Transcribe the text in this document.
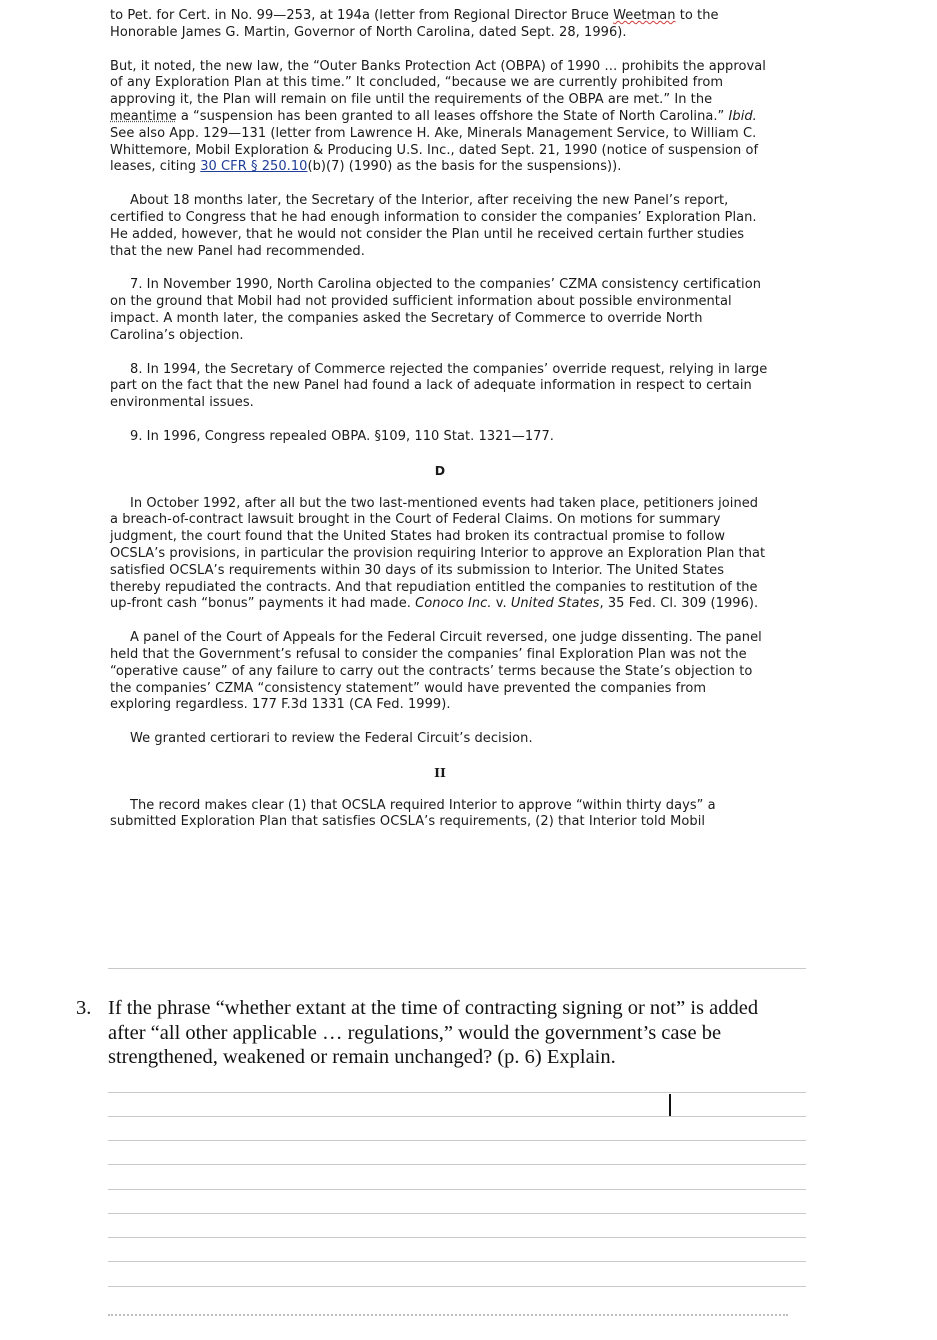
to Pet. for Cert. in No. 99—253, at 194a (letter from Regional Director Bruce Weetman to the Honorable James G. Martin, Governor of North Carolina, dated Sept. 28, 1996).

But, it noted, the new law, the “Outer Banks Protection Act (OBPA) of 1990 … prohibits the approval of any Exploration Plan at this time.” It concluded, “because we are currently prohibited from approving it, the Plan will remain on file until the requirements of the OBPA are met.” In the meantime a “suspension has been granted to all leases offshore the State of North Carolina.” Ibid. See also App. 129—131 (letter from Lawrence H. Ake, Minerals Management Service, to William C. Whittemore, Mobil Exploration & Producing U.S. Inc., dated Sept. 21, 1990 (notice of suspension of leases, citing 30 CFR § 250.10(b)(7) (1990) as the basis for the suspensions)).

About 18 months later, the Secretary of the Interior, after receiving the new Panel’s report, certified to Congress that he had enough information to consider the companies’ Exploration Plan. He added, however, that he would not consider the Plan until he received certain further studies that the new Panel had recommended.

7. In November 1990, North Carolina objected to the companies’ CZMA consistency certification on the ground that Mobil had not provided sufficient information about possible environmental impact. A month later, the companies asked the Secretary of Commerce to override North Carolina’s objection.

8. In 1994, the Secretary of Commerce rejected the companies’ override request, relying in large part on the fact that the new Panel had found a lack of adequate information in respect to certain environmental issues.

9. In 1996, Congress repealed OBPA. §109, 110 Stat. 1321—177.

D

In October 1992, after all but the two last-mentioned events had taken place, petitioners joined a breach-of-contract lawsuit brought in the Court of Federal Claims. On motions for summary judgment, the court found that the United States had broken its contractual promise to follow OCSLA’s provisions, in particular the provision requiring Interior to approve an Exploration Plan that satisfied OCSLA’s requirements within 30 days of its submission to Interior. The United States thereby repudiated the contracts. And that repudiation entitled the companies to restitution of the up-front cash “bonus” payments it had made. Conoco Inc. v. United States, 35 Fed. Cl. 309 (1996).

A panel of the Court of Appeals for the Federal Circuit reversed, one judge dissenting. The panel held that the Government’s refusal to consider the companies’ final Exploration Plan was not the “operative cause” of any failure to carry out the contracts’ terms because the State’s objection to the companies’ CZMA “consistency statement” would have prevented the companies from exploring regardless. 177 F.3d 1331 (CA Fed. 1999).

We granted certiorari to review the Federal Circuit’s decision.

II

The record makes clear (1) that OCSLA required Interior to approve “within thirty days” a submitted Exploration Plan that satisfies OCSLA’s requirements, (2) that Interior told Mobil

3. If the phrase “whether extant at the time of contracting signing or not” is added after “all other applicable … regulations,” would the government’s case be strengthened, weakened or remain unchanged? (p. 6) Explain.
